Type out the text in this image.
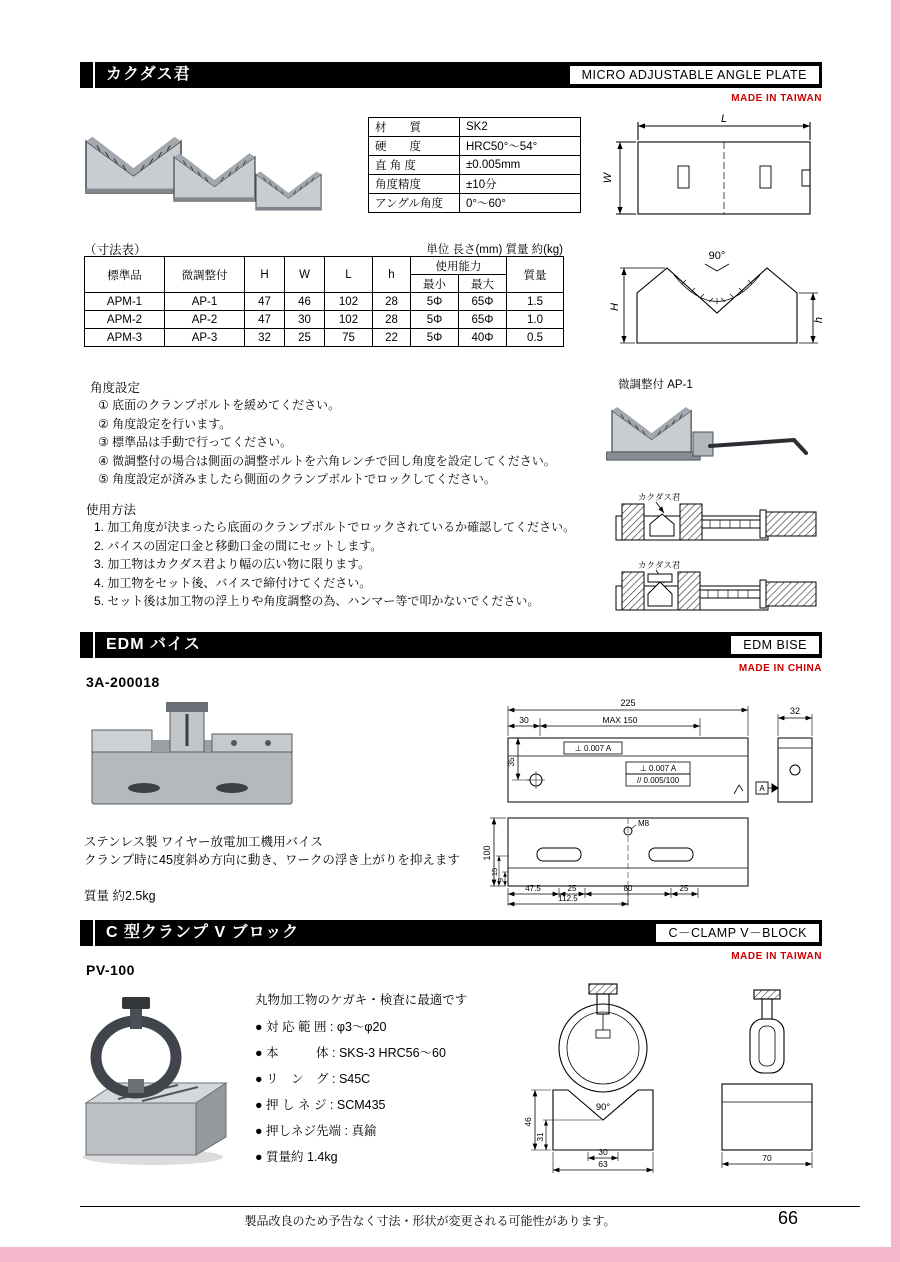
カクダス君	MICRO ADJUSTABLE ANGLE PLATE
MADE IN TAIWAN
材　　質	SK2
硬　　度	HRC50°～54°
直 角 度	±0.005mm
角度精度	±10分
アングル角度	0°～60°
L
W
（寸法表）	単位 長さ(mm) 質量 約(kg)
標準品	微調整付	H	W	L	h	使用能力		質量
						最小	最大	
APM-1	AP-1	47	46	102	28	5Φ	65Φ	1.5
APM-2	AP-2	47	30	102	28	5Φ	65Φ	1.0
APM-3	AP-3	32	25	75	22	5Φ	40Φ	0.5
90°
H
h
角度設定
① 底面のクランプボルトを緩めてください。
② 角度設定を行います。
③ 標準品は手動で行ってください。
④ 微調整付の場合は側面の調整ボルトを六角レンチで回し角度を設定してください。
⑤ 角度設定が済みましたら側面のクランプボルトでロックしてください。
微調整付 AP-1
使用方法
1. 加工角度が決まったら底面のクランプボルトでロックされているか確認してください。
2. バイスの固定口金と移動口金の間にセットします。
3. 加工物はカクダス君より幅の広い物に限ります。
4. 加工物をセット後、バイスで締付けてください。
5. セット後は加工物の浮上りや角度調整の為、ハンマー等で叩かないでください。
カクダス君
カクダス君
EDM バイス	EDM BISE
MADE IN CHINA
3A-200018
225
30	MAX 150
⊥ 0.007 A
⊥ 0.007 A
// 0.005/100
35
32
A
M8
100
15
9
47.5	25	80	25
112.5
ステンレス製 ワイヤー放電加工機用バイス
クランプ時に45度斜め方向に動き、ワークの浮き上がりを抑えます
質量 約2.5kg
C 型クランプ V ブロック	C－CLAMP V－BLOCK
MADE IN TAIWAN
PV-100
丸物加工物のケガキ・検査に最適です
● 対 応 範 囲 : φ3～φ20
● 本　　　体 : SKS-3 HRC56～60
● リ　ン　グ : S45C
● 押 し ネ ジ : SCM435
● 押しネジ先端 : 真鍮
● 質量約 1.4kg
90°
46
31
30
63
70
製品改良のため予告なく寸法・形状が変更される可能性があります。	66
